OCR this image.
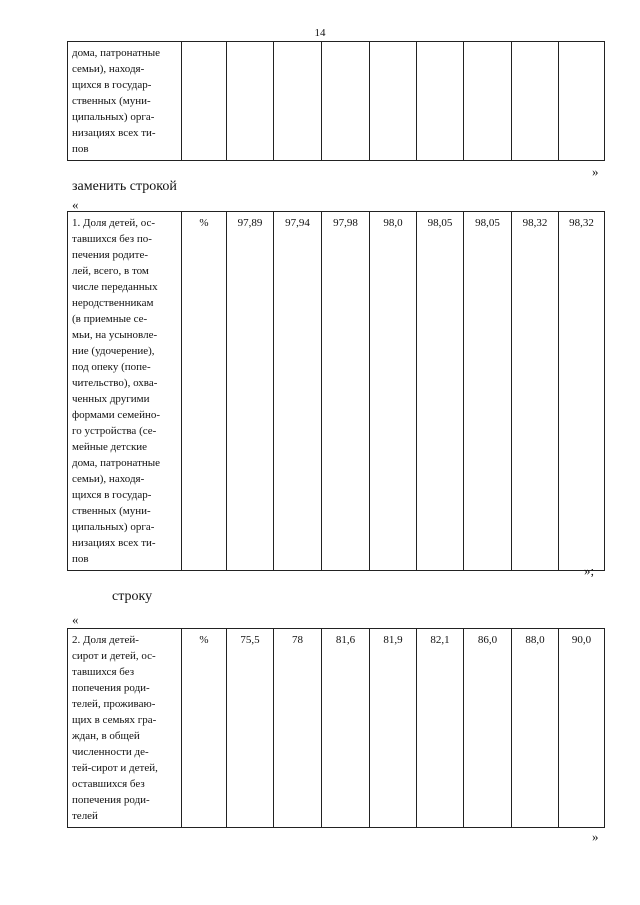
14
дома, патронатные
семьи), находя-
щихся в государ-
ственных (муни-
ципальных) орга-
низациях всех ти-
пов									
»
заменить строкой
«
1. Доля детей, ос-
тавшихся без по-
печения родите-
лей, всего, в том
числе переданных
неродственникам
(в приемные се-
мьи, на усыновле-
ние (удочерение),
под опеку (попе-
чительство), охва-
ченных другими
формами семейно-
го устройства (се-
мейные детские
дома, патронатные
семьи), находя-
щихся в государ-
ственных (муни-
ципальных) орга-
низациях всех ти-
пов	%	97,89	97,94	97,98	98,0	98,05	98,05	98,32	98,32
»;
строку
«
2. Доля детей-
сирот и детей, ос-
тавшихся без
попечения роди-
телей, проживаю-
щих в семьях гра-
ждан, в общей
численности де-
тей-сирот и детей,
оставшихся без
попечения роди-
телей	%	75,5	78	81,6	81,9	82,1	86,0	88,0	90,0
»
